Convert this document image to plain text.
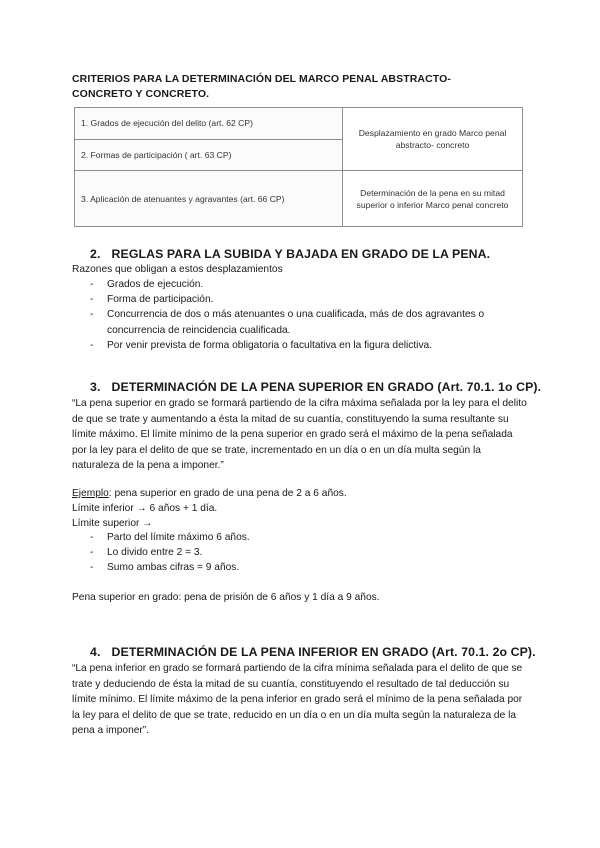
CRITERIOS PARA LA DETERMINACIÓN DEL MARCO PENAL ABSTRACTO-
CONCRETO Y CONCRETO.
1. Grados de ejecución del delito (art. 62 CP)	Desplazamiento en grado Marco penal abstracto- concreto
2. Formas de participación ( art. 63 CP)	
3. Aplicación de atenuantes y agravantes (art. 66 CP)	Determinación de la pena en su mitad superior o inferior Marco penal concreto
2. REGLAS PARA LA SUBIDA Y BAJADA EN GRADO DE LA PENA.
Razones que obligan a estos desplazamientos
- Grados de ejecución.
- Forma de participación.
- Concurrencia de dos o más atenuantes o una cualificada, más de dos agravantes o concurrencia de reincidencia cualificada.
- Por venir prevista de forma obligatoria o facultativa en la figura delictiva.
3. DETERMINACIÓN DE LA PENA SUPERIOR EN GRADO (Art. 70.1. 1o CP).
“La pena superior en grado se formará partiendo de la cifra máxima señalada por la ley para el delito de que se trate y aumentando a ésta la mitad de su cuantía, constituyendo la suma resultante su límite máximo. El límite mínimo de la pena superior en grado será el máximo de la pena señalada por la ley para el delito de que se trate, incrementado en un día o en un día multa según la naturaleza de la pena a imponer.”
Ejemplo: pena superior en grado de una pena de 2 a 6 años.
Límite inferior → 6 años + 1 día.
Límite superior →
- Parto del límite máximo 6 años.
- Lo divido entre 2 = 3.
- Sumo ambas cifras = 9 años.
Pena superior en grado: pena de prisión de 6 años y 1 día a 9 años.
4. DETERMINACIÓN DE LA PENA INFERIOR EN GRADO (Art. 70.1. 2o CP).
“La pena inferior en grado se formará partiendo de la cifra mínima señalada para el delito de que se trate y deduciendo de ésta la mitad de su cuantía, constituyendo el resultado de tal deducción su límite mínimo. El límite máximo de la pena inferior en grado será el mínimo de la pena señalada por la ley para el delito de que se trate, reducido en un día o en un día multa según la naturaleza de la pena a imponer”.
